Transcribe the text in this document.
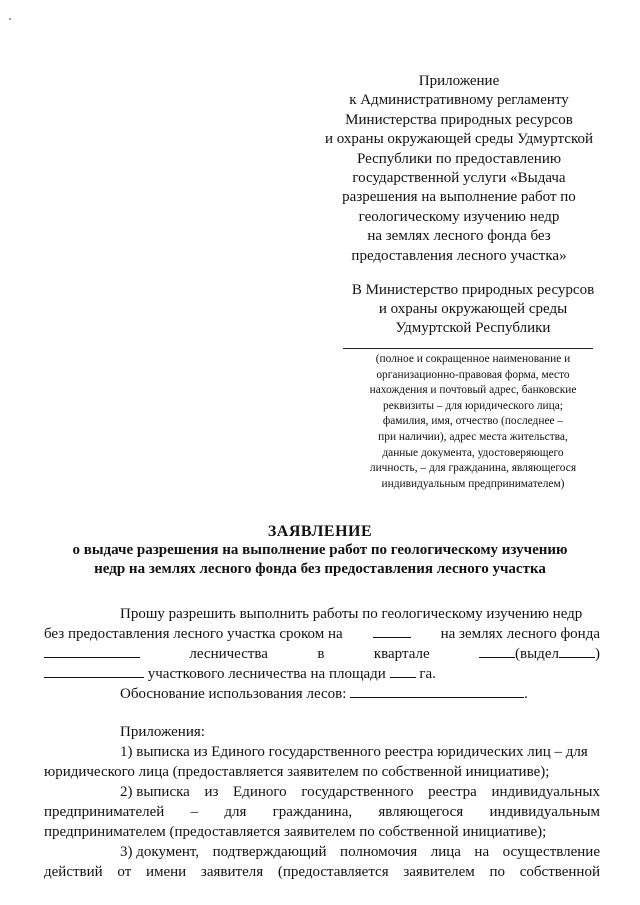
Приложение
к Административному регламенту
Министерства природных ресурсов
и охраны окружающей среды Удмуртской
Республики по предоставлению
государственной услуги «Выдача
разрешения на выполнение работ по
геологическому изучению недр
на землях лесного фонда без
предоставления лесного участка»
В Министерство природных ресурсов
и охраны окружающей среды
Удмуртской Республики
(полное и сокращенное наименование и
организационно-правовая форма, место
нахождения и почтовый адрес, банковские
реквизиты – для юридического лица;
фамилия, имя, отчество (последнее –
при наличии), адрес места жительства,
данные документа, удостоверяющего
личность, – для гражданина, являющегося
индивидуальным предпринимателем)
ЗАЯВЛЕНИЕ
о выдаче разрешения на выполнение работ по геологическому изучению
недр на землях лесного фонда без предоставления лесного участка

Прошу разрешить выполнить работы по геологическому изучению недр

без предоставления лесного участка сроком на	на землях лесного фонда
лесничества	в	квартале	(выдел )

участкового лесничества на площади га.

Обоснование использования лесов:	.

Приложения:

1) выписка из Единого государственного реестра юридических лиц – для

юридического лица (предоставляется заявителем по собственной инициативе);

2) выписка из Единого государственного реестра индивидуальных
предпринимателей – для гражданина, являющегося индивидуальным

предпринимателем (предоставляется заявителем по собственной инициативе);

3) документ, подтверждающий полномочия лица на осуществление
действий от имени заявителя (предоставляется заявителем по собственной
